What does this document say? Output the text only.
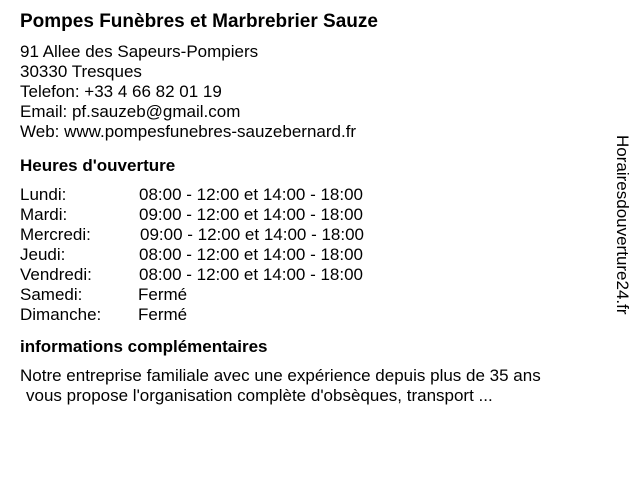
Pompes Funèbres et Marbrebrier Sauze
91 Allee des Sapeurs-Pompiers
30330 Tresques
Telefon: +33 4 66 82 01 19
Email: pf.sauzeb@gmail.com
Web: www.pompesfunebres-sauzebernard.fr
Heures d'ouverture

Lundi:

	08:00 - 12:00 et 14:00 - 18:00

Mardi:

	09:00 - 12:00 et 14:00 - 18:00

Mercredi:

	09:00 - 12:00 et 14:00 - 18:00

Jeudi:

	08:00 - 12:00 et 14:00 - 18:00

Vendredi:

	08:00 - 12:00 et 14:00 - 18:00

Samedi:

	Fermé

Dimanche:

Fermé

informations complémentaires
Notre entreprise familiale avec une expérience depuis plus de 35 ans
vous propose l'organisation complète d'obsèques, transport ...
Horairesdouverture24.fr
